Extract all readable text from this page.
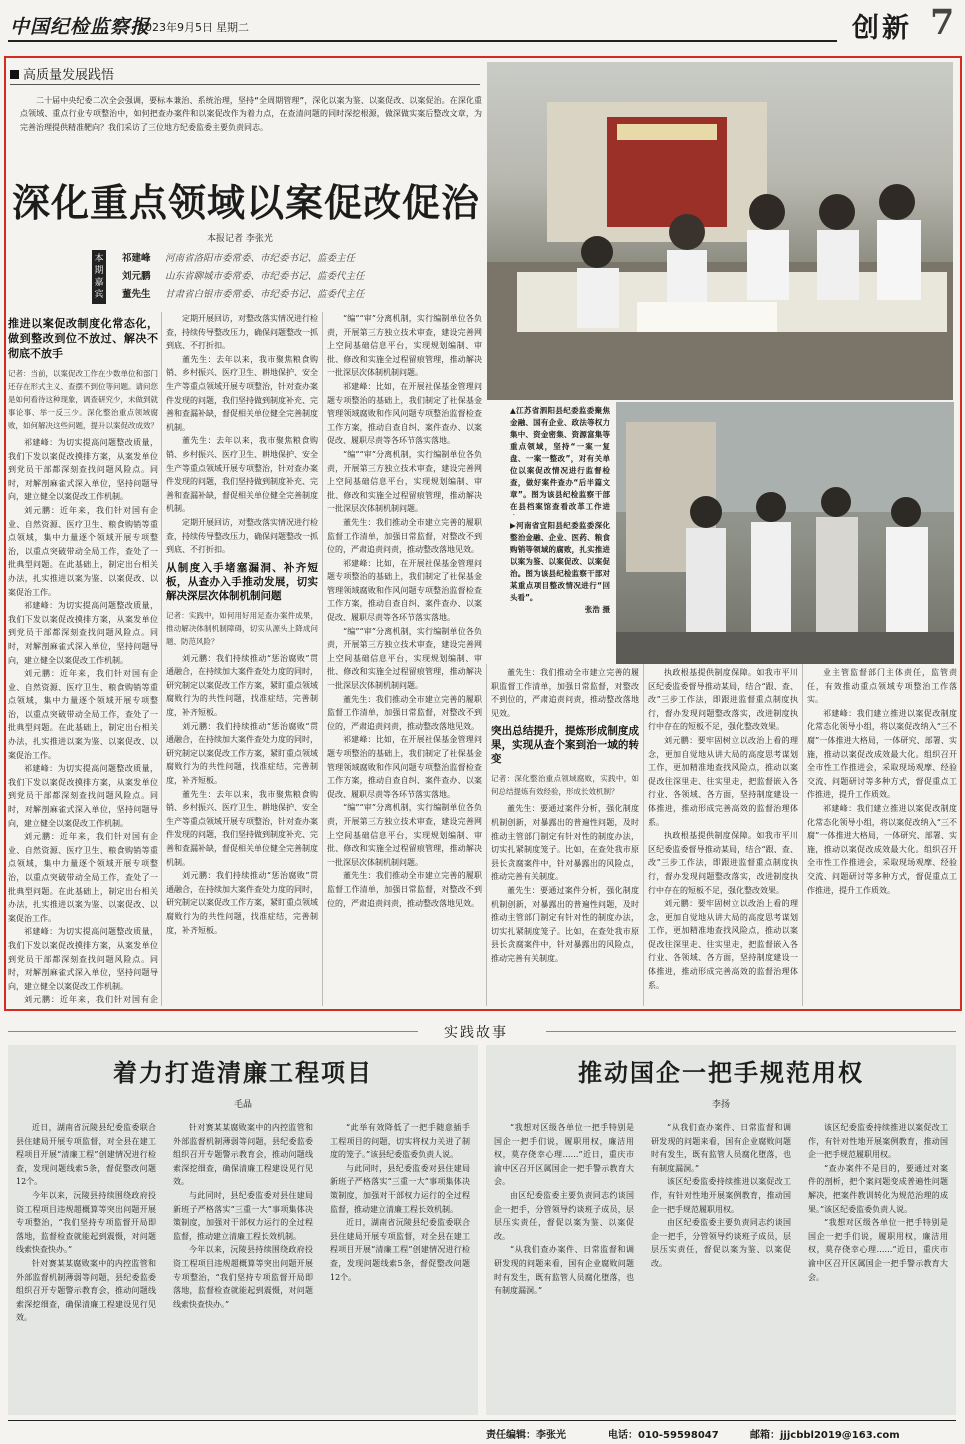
中国纪检监察报
2023年9月5日 星期二	创新 7
高质量发展践悟

二十届中央纪委二次全会强调，要标本兼治、系统治理，坚持“全周期管理”，深化以案为鉴、以案促改、以案促治。在深化重点领域、重点行业专项整治中，如何把查办案件和以案促改作为着力点，在查清问题的同时深挖根源，做深做实案后整改文章，为完善治理提供精准靶向？我们采访了三位地方纪委监委主要负责同志。

深化重点领域以案促改促治
本报记者 李张光
本期嘉宾
祁建峰 河南省洛阳市委常委、市纪委书记、监委主任
刘元鹏 山东省聊城市委常委、市纪委书记、监委代主任
董先生 甘肃省白银市委常委、市纪委书记、监委代主任
▲江苏省泗阳县纪委监委聚焦金融、国有企业、政法等权力集中、资金密集、资源富集等重点领域，坚持“一案一复盘、一案一整改”，对有关单位以案促改情况进行监督检查，做好案件查办“后半篇文章”。图为该县纪检监察干部在县档案馆查看改革工作进
▶河南省宜阳县纪委监委深化整治金融、企业、医药、粮食购销等领域的腐败，扎实推进以案为鉴、以案促改、以案促治。图为该县纪检监察干部对某重点项目整改情况进行“回头看”。
张浩 摄
推进以案促改制度化常态化，做到整改到位不放过、解决不彻底不放手
记者：当前，以案促改工作在少数单位和部门还存在形式主义、查摆不到位等问题。请问您是如何看待这种现象，调查研究少，未做到就事论事、举一反三少。深化整治重点领域腐败，如何解决这些问题，提升以案促改成效？

祁建峰：为切实提高问题整改质量，我们下发以案促改摸排方案，从案发单位到党员干部都深刻查找问题风险点。同时，对解剖麻雀式深入单位，坚持问题导向，建立健全以案促改工作机制。

刘元鹏：近年来，我们针对国有企业、自然资源、医疗卫生、粮食购销等重点领域，集中力量逐个领域开展专项整治，以重点突破带动全局工作，查处了一批典型问题。在此基础上，制定出台相关办法，扎实推进以案为鉴、以案促改、以案促治工作。

祁建峰：为切实提高问题整改质量，我们下发以案促改摸排方案，从案发单位到党员干部都深刻查找问题风险点。同时，对解剖麻雀式深入单位，坚持问题导向，建立健全以案促改工作机制。

刘元鹏：近年来，我们针对国有企业、自然资源、医疗卫生、粮食购销等重点领域，集中力量逐个领域开展专项整治，以重点突破带动全局工作，查处了一批典型问题。在此基础上，制定出台相关办法，扎实推进以案为鉴、以案促改、以案促治工作。

祁建峰：为切实提高问题整改质量，我们下发以案促改摸排方案，从案发单位到党员干部都深刻查找问题风险点。同时，对解剖麻雀式深入单位，坚持问题导向，建立健全以案促改工作机制。

刘元鹏：近年来，我们针对国有企业、自然资源、医疗卫生、粮食购销等重点领域，集中力量逐个领域开展专项整治，以重点突破带动全局工作，查处了一批典型问题。在此基础上，制定出台相关办法，扎实推进以案为鉴、以案促改、以案促治工作。

祁建峰：为切实提高问题整改质量，我们下发以案促改摸排方案，从案发单位到党员干部都深刻查找问题风险点。同时，对解剖麻雀式深入单位，坚持问题导向，建立健全以案促改工作机制。

刘元鹏：近年来，我们针对国有企

定期开展回访，对整改落实情况进行检查，持续传导整改压力，确保问题整改一抓到底、不打折扣。

董先生：去年以来，我市聚焦粮食购销、乡村振兴、医疗卫生、耕地保护、安全生产等重点领域开展专项整治，针对查办案件发现的问题，我们坚持做到制度补充、完善和查漏补缺，督促相关单位健全完善制度机制。

董先生：去年以来，我市聚焦粮食购销、乡村振兴、医疗卫生、耕地保护、安全生产等重点领域开展专项整治，针对查办案件发现的问题，我们坚持做到制度补充、完善和查漏补缺，督促相关单位健全完善制度机制。

定期开展回访，对整改落实情况进行检查，持续传导整改压力，确保问题整改一抓到底、不打折扣。

从制度入手堵塞漏洞、补齐短板，从查办入手推动发展，切实解决深层次体制机制问题
记者：实践中，如何用好用足查办案件成果，推动解决体制机制障碍，切实从源头上降成问题、防范风险？

刘元鹏：我们持续推动“惩治腐败”贯通融合，在持续加大案件查处力度的同时，研究制定以案促改工作方案，紧盯重点领域腐败行为的共性问题，找准症结，完善制度，补齐短板。

刘元鹏：我们持续推动“惩治腐败”贯通融合，在持续加大案件查处力度的同时，研究制定以案促改工作方案，紧盯重点领域腐败行为的共性问题，找准症结，完善制度，补齐短板。

董先生：去年以来，我市聚焦粮食购销、乡村振兴、医疗卫生、耕地保护、安全生产等重点领域开展专项整治，针对查办案件发现的问题，我们坚持做到制度补充、完善和查漏补缺，督促相关单位健全完善制度机制。

刘元鹏：我们持续推动“惩治腐败”贯通融合，在持续加大案件查处力度的同时，研究制定以案促改工作方案，紧盯重点领域腐败行为的共性问题，找准症结，完善制度，补齐短板。

“编”“审”分离机制，实行编制单位各负责，开展第三方独立技术审查，建设完善网上空间基础信息平台，实现规划编制、审批、修改和实施全过程留痕管理，推动解决一批深层次体制机制问题。

祁建峰：比如，在开展社保基金管理问题专项整治的基础上，我们制定了社保基金管理领域腐败和作风问题专项整治监督检查工作方案，推动自查自纠、案件查办、以案促改、履职尽责等各环节落实落地。

“编”“审”分离机制，实行编制单位各负责，开展第三方独立技术审查，建设完善网上空间基础信息平台，实现规划编制、审批、修改和实施全过程留痕管理，推动解决一批深层次体制机制问题。

董先生：我们推动全市建立完善的履职监督工作清单，加强日常监督，对整改不到位的，严肃追责问责，推动整改落地见效。

祁建峰：比如，在开展社保基金管理问题专项整治的基础上，我们制定了社保基金管理领域腐败和作风问题专项整治监督检查工作方案，推动自查自纠、案件查办、以案促改、履职尽责等各环节落实落地。

“编”“审”分离机制，实行编制单位各负责，开展第三方独立技术审查，建设完善网上空间基础信息平台，实现规划编制、审批、修改和实施全过程留痕管理，推动解决一批深层次体制机制问题。

董先生：我们推动全市建立完善的履职监督工作清单，加强日常监督，对整改不到位的，严肃追责问责，推动整改落地见效。

祁建峰：比如，在开展社保基金管理问题专项整治的基础上，我们制定了社保基金管理领域腐败和作风问题专项整治监督检查工作方案，推动自查自纠、案件查办、以案促改、履职尽责等各环节落实落地。

“编”“审”分离机制，实行编制单位各负责，开展第三方独立技术审查，建设完善网上空间基础信息平台，实现规划编制、审批、修改和实施全过程留痕管理，推动解决一批深层次体制机制问题。

董先生：我们推动全市建立完善的履职监督工作清单，加强日常监督，对整改不到位的，严肃追责问责，推动整改落地见效。

董先生：我们推动全市建立完善的履职监督工作清单，加强日常监督，对整改不到位的，严肃追责问责，推动整改落地见效。

突出总结提升，提炼形成制度成果，实现从查个案到治一域的转变
记者：深化整治重点领域腐败，实践中，如何总结提炼有效经验，形成长效机制？

董先生：要通过案件分析，强化制度机制创新，对暴露出的普遍性问题，及时推动主管部门制定有针对性的制度办法，切实扎紧制度笼子。比如，在查处我市原县长贪腐案件中，针对暴露出的风险点，推动完善有关制度。

董先生：要通过案件分析，强化制度机制创新，对暴露出的普遍性问题，及时推动主管部门制定有针对性的制度办法，切实扎紧制度笼子。比如，在查处我市原县长贪腐案件中，针对暴露出的风险点，推动完善有关制度。

执政根基提供制度保障。如我市平川区纪委监委督导推动某局，结合“跟、查、改”三步工作法，即跟进监督重点制度执行，督办发现问题整改落实，改进制度执行中存在的短板不足，强化整改效果。

刘元鹏：要牢固树立以改治上看的理念，更加自觉地从讲大局的高度思考谋划工作，更加精准地查找风险点，推动以案促改往深里走、往实里走，把监督嵌入各行业、各领域、各方面，坚持制度建设一体推进，推动形成完善高效的监督治理体系。

执政根基提供制度保障。如我市平川区纪委监委督导推动某局，结合“跟、查、改”三步工作法，即跟进监督重点制度执行，督办发现问题整改落实，改进制度执行中存在的短板不足，强化整改效果。

刘元鹏：要牢固树立以改治上看的理念，更加自觉地从讲大局的高度思考谋划工作，更加精准地查找风险点，推动以案促改往深里走、往实里走，把监督嵌入各行业、各领域、各方面，坚持制度建设一体推进，推动形成完善高效的监督治理体系。

业主管监督部门主体责任，监管责任，有效推动重点领域专项整治工作落实。

祁建峰：我们建立推进以案促改制度化常态化领导小组，将以案促改纳入“三不腐”一体推进大格局，一体研究、部署、实施，推动以案促改成效最大化。组织召开全市性工作推进会，采取现场观摩、经验交流、问题研讨等多种方式，督促重点工作推进，提升工作质效。

祁建峰：我们建立推进以案促改制度化常态化领导小组，将以案促改纳入“三不腐”一体推进大格局，一体研究、部署、实施，推动以案促改成效最大化。组织召开全市性工作推进会，采取现场观摩、经验交流、问题研讨等多种方式，督促重点工作推进，提升工作质效。

实践故事
着力打造清廉工程项目
毛晶

近日，湖南省沅陵县纪委监委联合县住建局开展专项监督，对全县在建工程项目开展“清廉工程”创建情况进行检查，发现问题线索5条，督促整改问题12个。

今年以来，沅陵县持续围绕政府投资工程项目违规超概算等突出问题开展专项整治，“我们坚持专项监督开局即落地，监督检查就能起到震慑，对问题线索快查快办。”

针对赛某某腐败案中的内控监管和外部监督机制薄弱等问题，县纪委监委组织召开专题警示教育会，推动问题线索深挖细查，确保清廉工程建设见行见效。

针对赛某某腐败案中的内控监管和外部监督机制薄弱等问题，县纪委监委组织召开专题警示教育会，推动问题线索深挖细查，确保清廉工程建设见行见效。

与此同时，县纪委监委对县住建局新班子严格落实“三重一大”事项集体决策制度，加强对干部权力运行的全过程监督，推动建立清廉工程长效机制。

今年以来，沅陵县持续围绕政府投资工程项目违规超概算等突出问题开展专项整治，“我们坚持专项监督开局即落地，监督检查就能起到震慑，对问题线索快查快办。”

“此举有效降低了一把手随意插手工程项目的问题，切实将权力关进了制度的笼子。”该县纪委监委负责人说。

与此同时，县纪委监委对县住建局新班子严格落实“三重一大”事项集体决策制度，加强对干部权力运行的全过程监督，推动建立清廉工程长效机制。

近日，湖南省沅陵县纪委监委联合县住建局开展专项监督，对全县在建工程项目开展“清廉工程”创建情况进行检查，发现问题线索5条，督促整改问题12个。

推动国企一把手规范用权
李扬

“我想对区级各单位一把手特别是国企一把手们说，履职用权，廉洁用权，莫存侥幸心理……”近日，重庆市渝中区召开区属国企一把手警示教育大会。

由区纪委监委主要负责同志约谈国企一把手，分管领导约谈班子成员，层层压实责任，督促以案为鉴、以案促改。

“从我们查办案件、日常监督和调研发现的问题来看，国有企业腐败问题时有发生，既有监管人员腐化堕落，也有制度漏洞。”

“从我们查办案件、日常监督和调研发现的问题来看，国有企业腐败问题时有发生，既有监管人员腐化堕落，也有制度漏洞。”

该区纪委监委持续推进以案促改工作，有针对性地开展案例教育，推动国企一把手规范履职用权。

由区纪委监委主要负责同志约谈国企一把手，分管领导约谈班子成员，层层压实责任，督促以案为鉴、以案促改。

该区纪委监委持续推进以案促改工作，有针对性地开展案例教育，推动国企一把手规范履职用权。

“查办案件不是目的，要通过对案件的剖析，把个案问题变成普遍性问题解决，把案件教训转化为规范治理的成果。”该区纪委监委负责人说。

“我想对区级各单位一把手特别是国企一把手们说，履职用权，廉洁用权，莫存侥幸心理……”近日，重庆市渝中区召开区属国企一把手警示教育大会。

责任编辑：李张光	电话：010-59598047	邮箱：jjjcbbl2019@163.com
